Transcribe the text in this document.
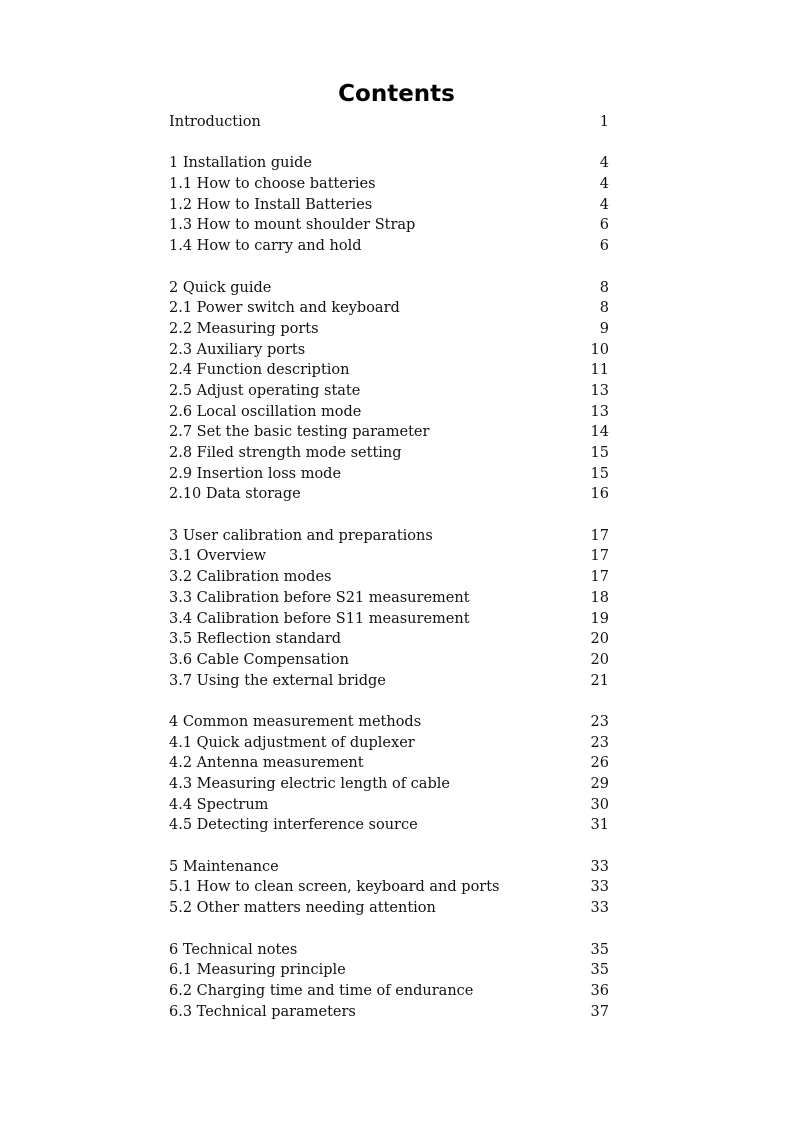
Contents
Introduction	1
1 Installation guide	4
1.1 How to choose batteries	4
1.2 How to Install Batteries	4
1.3 How to mount shoulder Strap	6
1.4 How to carry and hold	6
2 Quick guide	8
2.1 Power switch and keyboard	8
2.2 Measuring ports	9
2.3 Auxiliary ports	10
2.4 Function description	11
2.5 Adjust operating state	13
2.6 Local oscillation mode	13
2.7 Set the basic testing parameter	14
2.8 Filed strength mode setting	15
2.9 Insertion loss mode	15
2.10 Data storage	16
3 User calibration and preparations	17
3.1 Overview	17
3.2 Calibration modes	17
3.3 Calibration before S21 measurement	18
3.4 Calibration before S11 measurement	19
3.5 Reflection standard	20
3.6 Cable Compensation	20
3.7 Using the external bridge	21
4 Common measurement methods	23
4.1 Quick adjustment of duplexer	23
4.2 Antenna measurement	26
4.3 Measuring electric length of cable	29
4.4 Spectrum	30
4.5 Detecting interference source	31
5 Maintenance	33
5.1 How to clean screen, keyboard and ports	33
5.2 Other matters needing attention	33
6 Technical notes	35
6.1 Measuring principle	35
6.2 Charging time and time of endurance	36
6.3 Technical parameters	37
